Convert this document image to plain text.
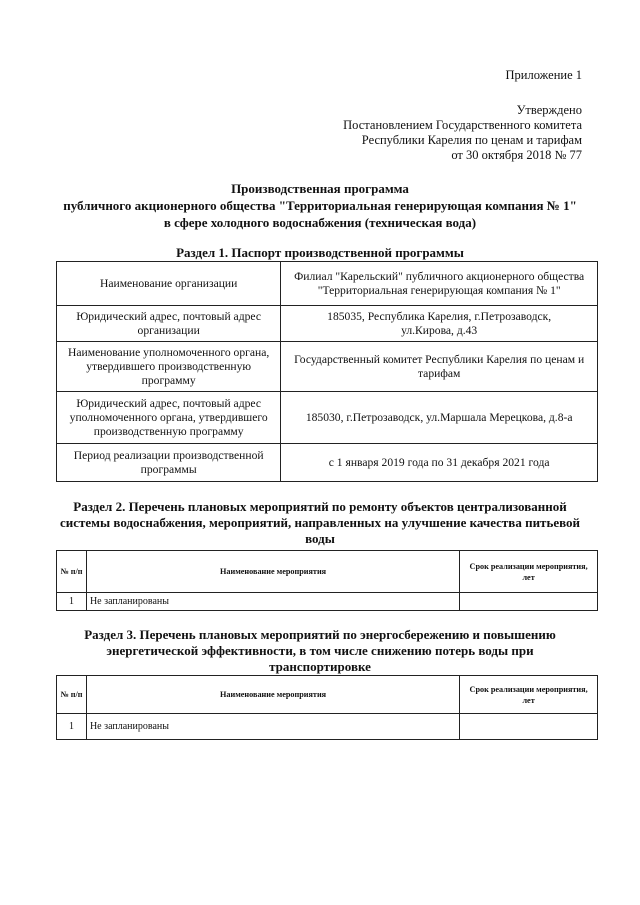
Приложение 1
Утверждено
Постановлением Государственного комитета
Республики Карелия по ценам и тарифам
от 30 октября 2018 № 77
Производственная программа
публичного акционерного общества "Территориальная генерирующая компания № 1"
в сфере холодного водоснабжения (техническая вода)
Раздел 1. Паспорт производственной программы
Наименование организации	Филиал "Карельский" публичного акционерного общества "Территориальная генерирующая компания № 1"
Юридический адрес, почтовый адрес организации	185035, Республика Карелия, г.Петрозаводск, ул.Кирова, д.43

Наименование уполномоченного органа, утвердившего производственную программу	Государственный комитет Республики Карелия по ценам и тарифам
Юридический адрес, почтовый адрес уполномоченного органа, утвердившего производственную программу	185030, г.Петрозаводск, ул.Маршала Мерецкова, д.8-а
Период реализации производственной программы	с 1 января 2019 года по 31 декабря 2021 года
Раздел 2. Перечень плановых мероприятий по ремонту объектов централизованной
системы водоснабжения, мероприятий, направленных на улучшение качества питьевой
воды
№ п/п	Наименование мероприятия	Срок реализации мероприятия, лет
1	Не запланированы	
Раздел 3. Перечень плановых мероприятий по энергосбережению и повышению
энергетической эффективности, в том числе снижению потерь воды при
транспортировке
№ п/п	Наименование мероприятия	Срок реализации мероприятия, лет
1	Не запланированы	
